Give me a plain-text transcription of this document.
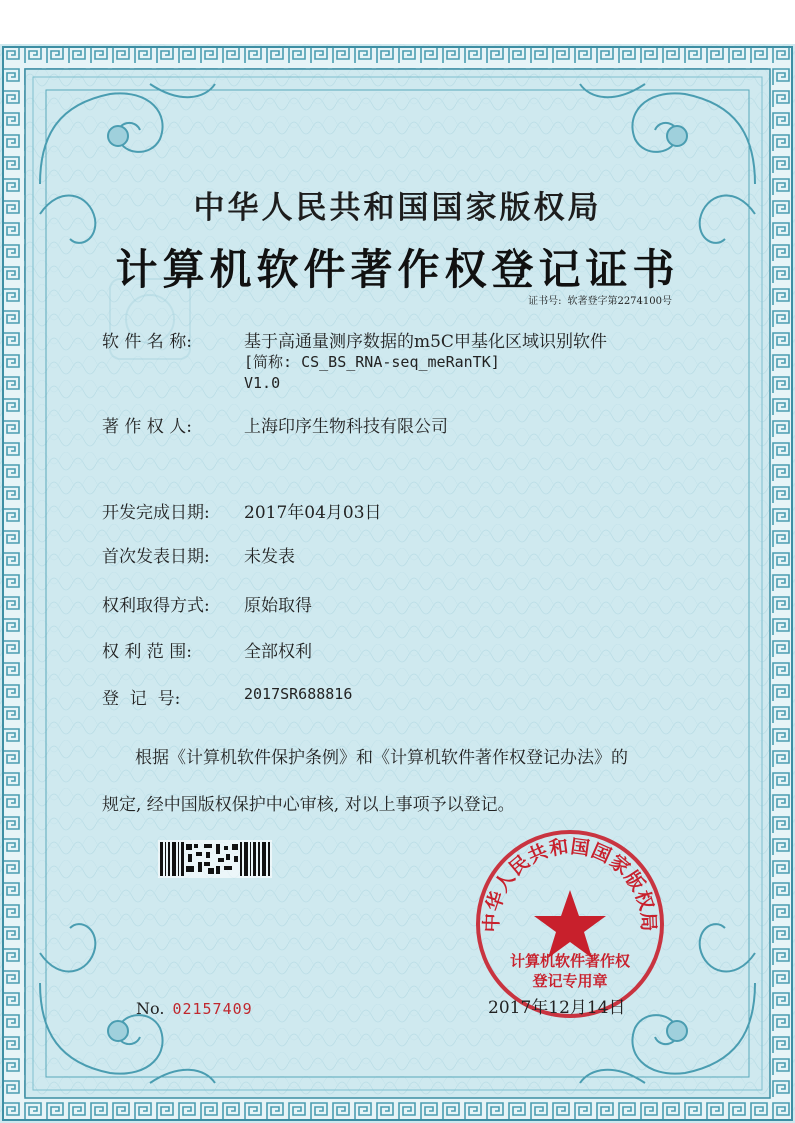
中华人民共和国国家版权局
计算机软件著作权登记证书
证书号: 软著登字第2274100号
软 件 名 称:	基于高通量测序数据的m5C甲基化区域识别软件
[简称: CS_BS_RNA-seq_meRanTK]
V1.0
著 作 权 人:	上海印序生物科技有限公司
开发完成日期: 2017年04月03日
首次发表日期: 未发表
权利取得方式: 原始取得
权 利 范 围:	全部权利
登  记  号:	2017SR688816
根据《计算机软件保护条例》和《计算机软件著作权登记办法》的
规定, 经中国版权保护中心审核, 对以上事项予以登记。
No. 02157409
中华人民共和国国家版权局
计算机软件著作权
登记专用章
2017年12月14日
